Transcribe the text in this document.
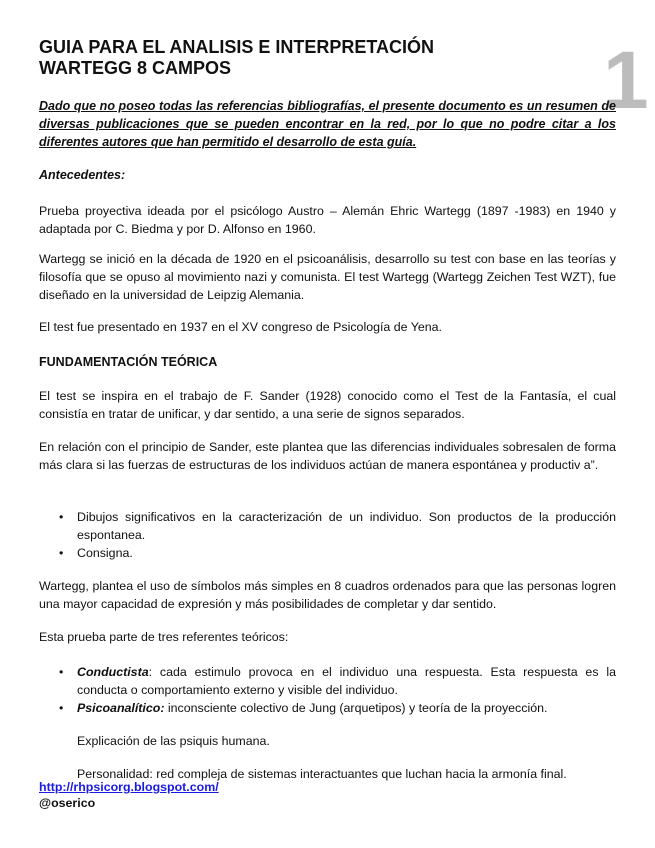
1
GUIA PARA EL ANALISIS E INTERPRETACIÓN
WARTEGG 8 CAMPOS

Dado que no poseo todas las referencias bibliografías, el presente documento es un resumen de diversas publicaciones que se pueden encontrar en la red, por lo que no podre citar a los diferentes autores que han permitido el desarrollo de esta guía.

Antecedentes:

Prueba proyectiva ideada por el psicólogo Austro – Alemán Ehric Wartegg (1897 -1983) en 1940 y adaptada por C. Biedma y por D. Alfonso en 1960.

Wartegg se inició en la década de 1920 en el psicoanálisis, desarrollo su test con base en las teorías y filosofía que se opuso al movimiento nazi y comunista. El test Wartegg (Wartegg Zeichen Test WZT), fue diseñado en la universidad de Leipzig Alemania.

El test fue presentado en 1937 en el XV congreso de Psicología de Yena.

FUNDAMENTACIÓN TEÓRICA

El test se inspira en el trabajo de F. Sander (1928) conocido como el Test de la Fantasía, el cual consistía en tratar de unificar, y dar sentido, a una serie de signos separados.

En relación con el principio de Sander, este plantea que las diferencias individuales sobresalen de forma más clara si las fuerzas de estructuras de los individuos actúan de manera espontánea y productiv a”.

• Dibujos significativos en la caracterización de un individuo. Son productos de la producción espontanea.
• Consigna.

Wartegg, plantea el uso de símbolos más simples en 8 cuadros ordenados para que las personas logren una mayor capacidad de expresión y más posibilidades de completar y dar sentido.

Esta prueba parte de tres referentes teóricos:

• Conductista: cada estimulo provoca en el individuo una respuesta. Esta respuesta es la conducta o comportamiento externo y visible del individuo.
• Psicoanalítico: inconsciente colectivo de Jung (arquetipos) y teoría de la proyección.

Explicación de las psiquis humana.

Personalidad: red compleja de sistemas interactuantes que luchan hacia la armonía final.

http://rhpsicorg.blogspot.com/
@oserico
